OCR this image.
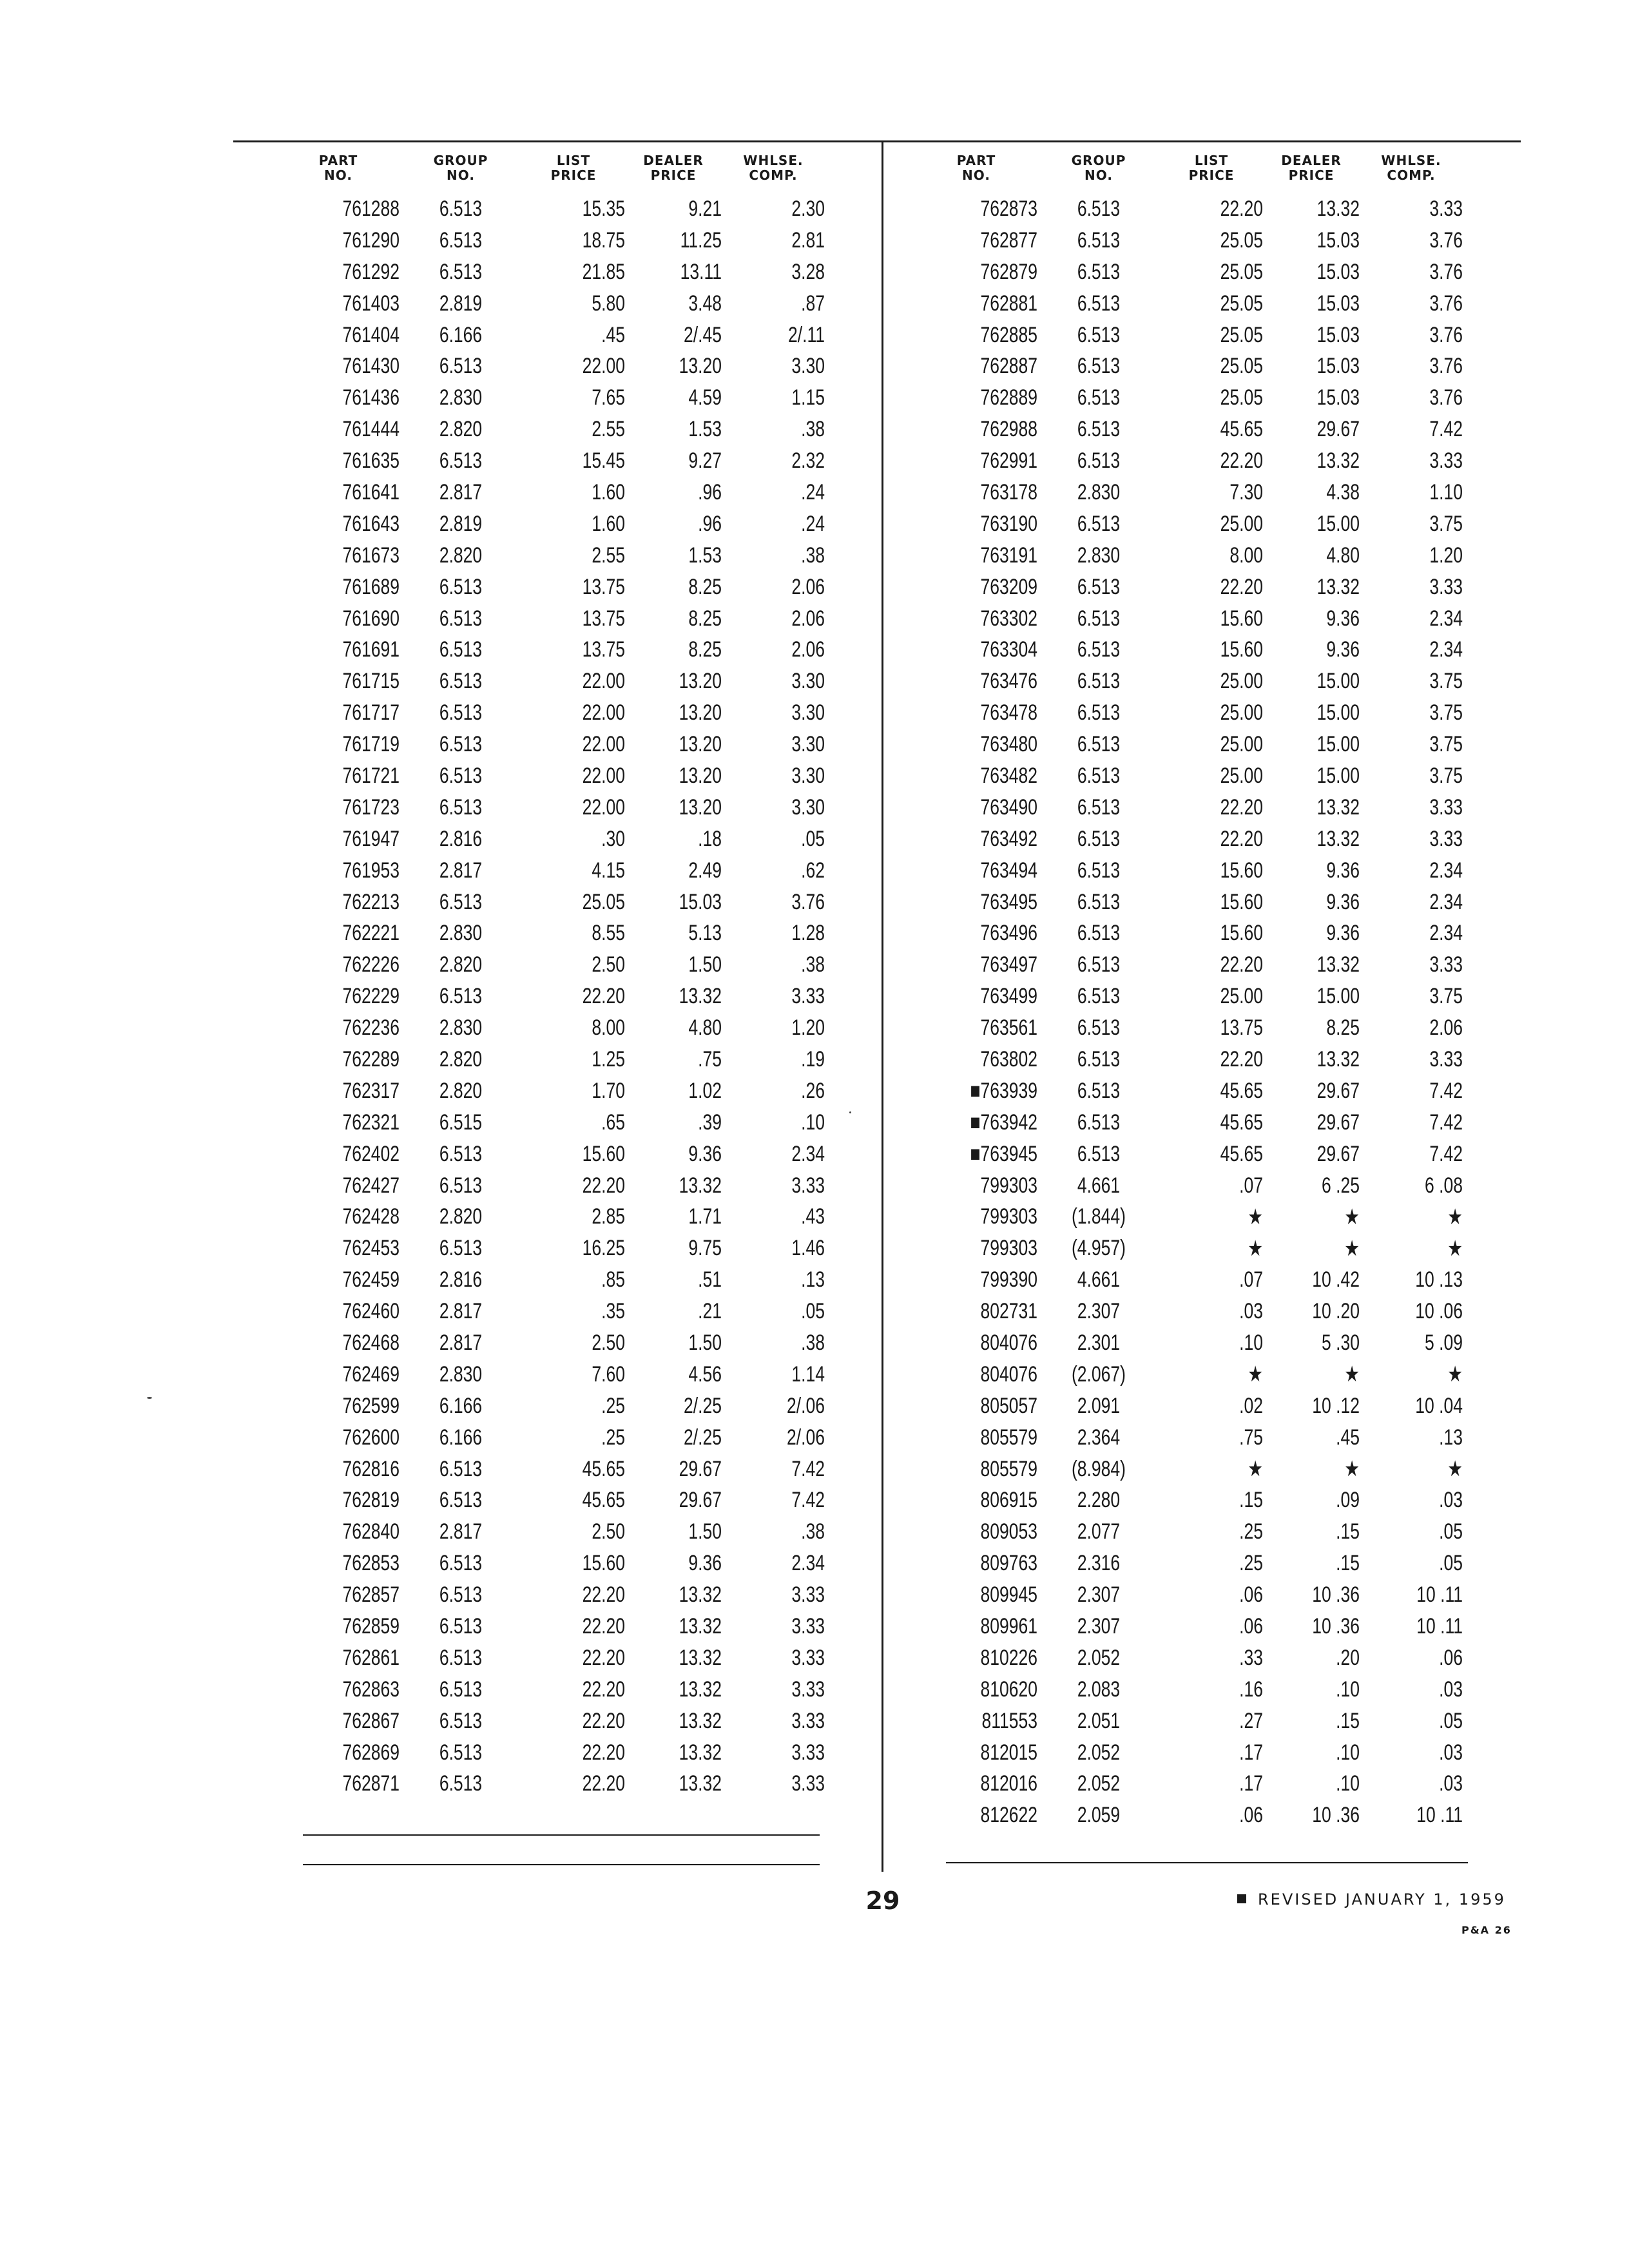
PART
NO.
GROUP
NO.
LIST
PRICE
DEALER
PRICE
WHLSE.
COMP.
761288	6.513	15.35	9.21	2.30
761290	6.513	18.75	11.25	2.81
761292	6.513	21.85	13.11	3.28
761403	2.819	5.80	3.48	.87
761404	6.166	.45	2/.45	2/.11
761430	6.513	22.00	13.20	3.30
761436	2.830	7.65	4.59	1.15
761444	2.820	2.55	1.53	.38
761635	6.513	15.45	9.27	2.32
761641	2.817	1.60	.96	.24
761643	2.819	1.60	.96	.24
761673	2.820	2.55	1.53	.38
761689	6.513	13.75	8.25	2.06
761690	6.513	13.75	8.25	2.06
761691	6.513	13.75	8.25	2.06
761715	6.513	22.00	13.20	3.30
761717	6.513	22.00	13.20	3.30
761719	6.513	22.00	13.20	3.30
761721	6.513	22.00	13.20	3.30
761723	6.513	22.00	13.20	3.30
761947	2.816	.30	.18	.05
761953	2.817	4.15	2.49	.62
762213	6.513	25.05	15.03	3.76
762221	2.830	8.55	5.13	1.28
762226	2.820	2.50	1.50	.38
762229	6.513	22.20	13.32	3.33
762236	2.830	8.00	4.80	1.20
762289	2.820	1.25	.75	.19
762317	2.820	1.70	1.02	.26
762321	6.515	.65	.39	.10
762402	6.513	15.60	9.36	2.34
762427	6.513	22.20	13.32	3.33
762428	2.820	2.85	1.71	.43
762453	6.513	16.25	9.75	1.46
762459	2.816	.85	.51	.13
762460	2.817	.35	.21	.05
762468	2.817	2.50	1.50	.38
762469	2.830	7.60	4.56	1.14
762599	6.166	.25	2/.25	2/.06
762600	6.166	.25	2/.25	2/.06
762816	6.513	45.65	29.67	7.42
762819	6.513	45.65	29.67	7.42
762840	2.817	2.50	1.50	.38
762853	6.513	15.60	9.36	2.34
762857	6.513	22.20	13.32	3.33
762859	6.513	22.20	13.32	3.33
762861	6.513	22.20	13.32	3.33
762863	6.513	22.20	13.32	3.33
762867	6.513	22.20	13.32	3.33
762869	6.513	22.20	13.32	3.33
762871	6.513	22.20	13.32	3.33
PART
NO.
GROUP
NO.
LIST
PRICE
DEALER
PRICE
WHLSE.
COMP.
762873	6.513	22.20	13.32	3.33
762877	6.513	25.05	15.03	3.76
762879	6.513	25.05	15.03	3.76
762881	6.513	25.05	15.03	3.76
762885	6.513	25.05	15.03	3.76
762887	6.513	25.05	15.03	3.76
762889	6.513	25.05	15.03	3.76
762988	6.513	45.65	29.67	7.42
762991	6.513	22.20	13.32	3.33
763178	2.830	7.30	4.38	1.10
763190	6.513	25.00	15.00	3.75
763191	2.830	8.00	4.80	1.20
763209	6.513	22.20	13.32	3.33
763302	6.513	15.60	9.36	2.34
763304	6.513	15.60	9.36	2.34
763476	6.513	25.00	15.00	3.75
763478	6.513	25.00	15.00	3.75
763480	6.513	25.00	15.00	3.75
763482	6.513	25.00	15.00	3.75
763490	6.513	22.20	13.32	3.33
763492	6.513	22.20	13.32	3.33
763494	6.513	15.60	9.36	2.34
763495	6.513	15.60	9.36	2.34
763496	6.513	15.60	9.36	2.34
763497	6.513	22.20	13.32	3.33
763499	6.513	25.00	15.00	3.75
763561	6.513	13.75	8.25	2.06
763802	6.513	22.20	13.32	3.33
■763939	6.513	45.65	29.67	7.42
■763942	6.513	45.65	29.67	7.42
■763945	6.513	45.65	29.67	7.42
799303	4.661	.07	6 .25	6 .08
799303	(1.844)	★	★	★
799303	(4.957)	★	★	★
799390	4.661	.07	10 .42	10 .13
802731	2.307	.03	10 .20	10 .06
804076	2.301	.10	5 .30	5 .09
804076	(2.067)	★	★	★
805057	2.091	.02	10 .12	10 .04
805579	2.364	.75	.45	.13
805579	(8.984)	★	★	★
806915	2.280	.15	.09	.03
809053	2.077	.25	.15	.05
809763	2.316	.25	.15	.05
809945	2.307	.06	10 .36	10 .11
809961	2.307	.06	10 .36	10 .11
810226	2.052	.33	.20	.06
810620	2.083	.16	.10	.03
811553	2.051	.27	.15	.05
812015	2.052	.17	.10	.03
812016	2.052	.17	.10	.03
812622	2.059	.06	10 .36	10 .11
29	REVISED JANUARY 1, 1959
P&A 26
